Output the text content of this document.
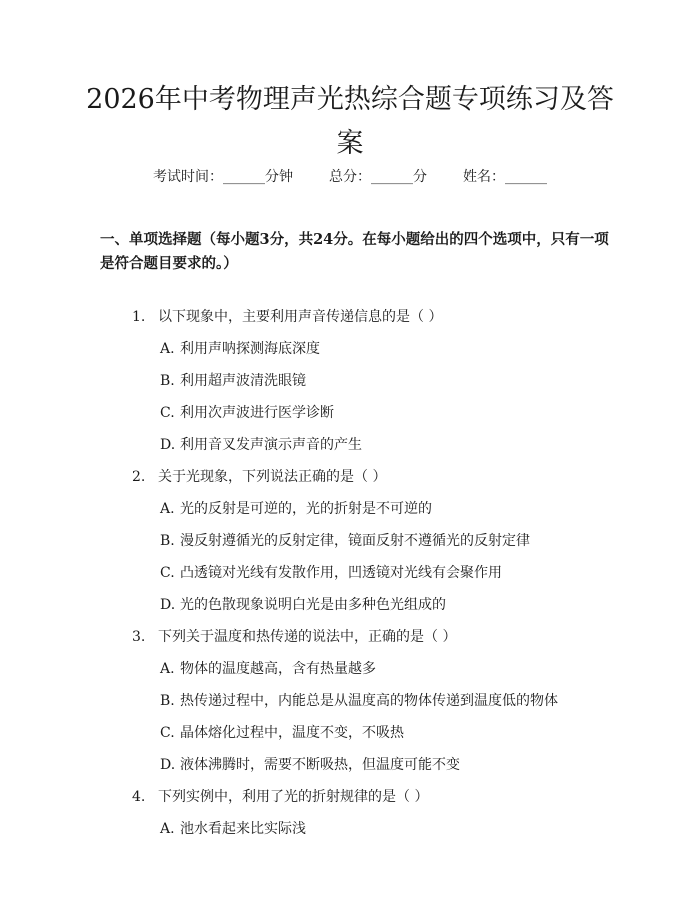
2026年中考物理声光热综合题专项练习及答案
考试时间：______分钟	总分：______分	姓名：______

一、单项选择题（每小题3分，共24分。在每小题给出的四个选项中，只有一项是符合题目要求的。）

1. 以下现象中，主要利用声音传递信息的是（ ）
A. 利用声呐探测海底深度
B. 利用超声波清洗眼镜
C. 利用次声波进行医学诊断
D. 利用音叉发声演示声音的产生
2. 关于光现象，下列说法正确的是（ ）
A. 光的反射是可逆的，光的折射是不可逆的
B. 漫反射遵循光的反射定律，镜面反射不遵循光的反射定律
C. 凸透镜对光线有发散作用，凹透镜对光线有会聚作用
D. 光的色散现象说明白光是由多种色光组成的
3. 下列关于温度和热传递的说法中，正确的是（ ）
A. 物体的温度越高，含有热量越多
B. 热传递过程中，内能总是从温度高的物体传递到温度低的物体
C. 晶体熔化过程中，温度不变，不吸热
D. 液体沸腾时，需要不断吸热，但温度可能不变
4. 下列实例中，利用了光的折射规律的是（ ）
A. 池水看起来比实际浅
